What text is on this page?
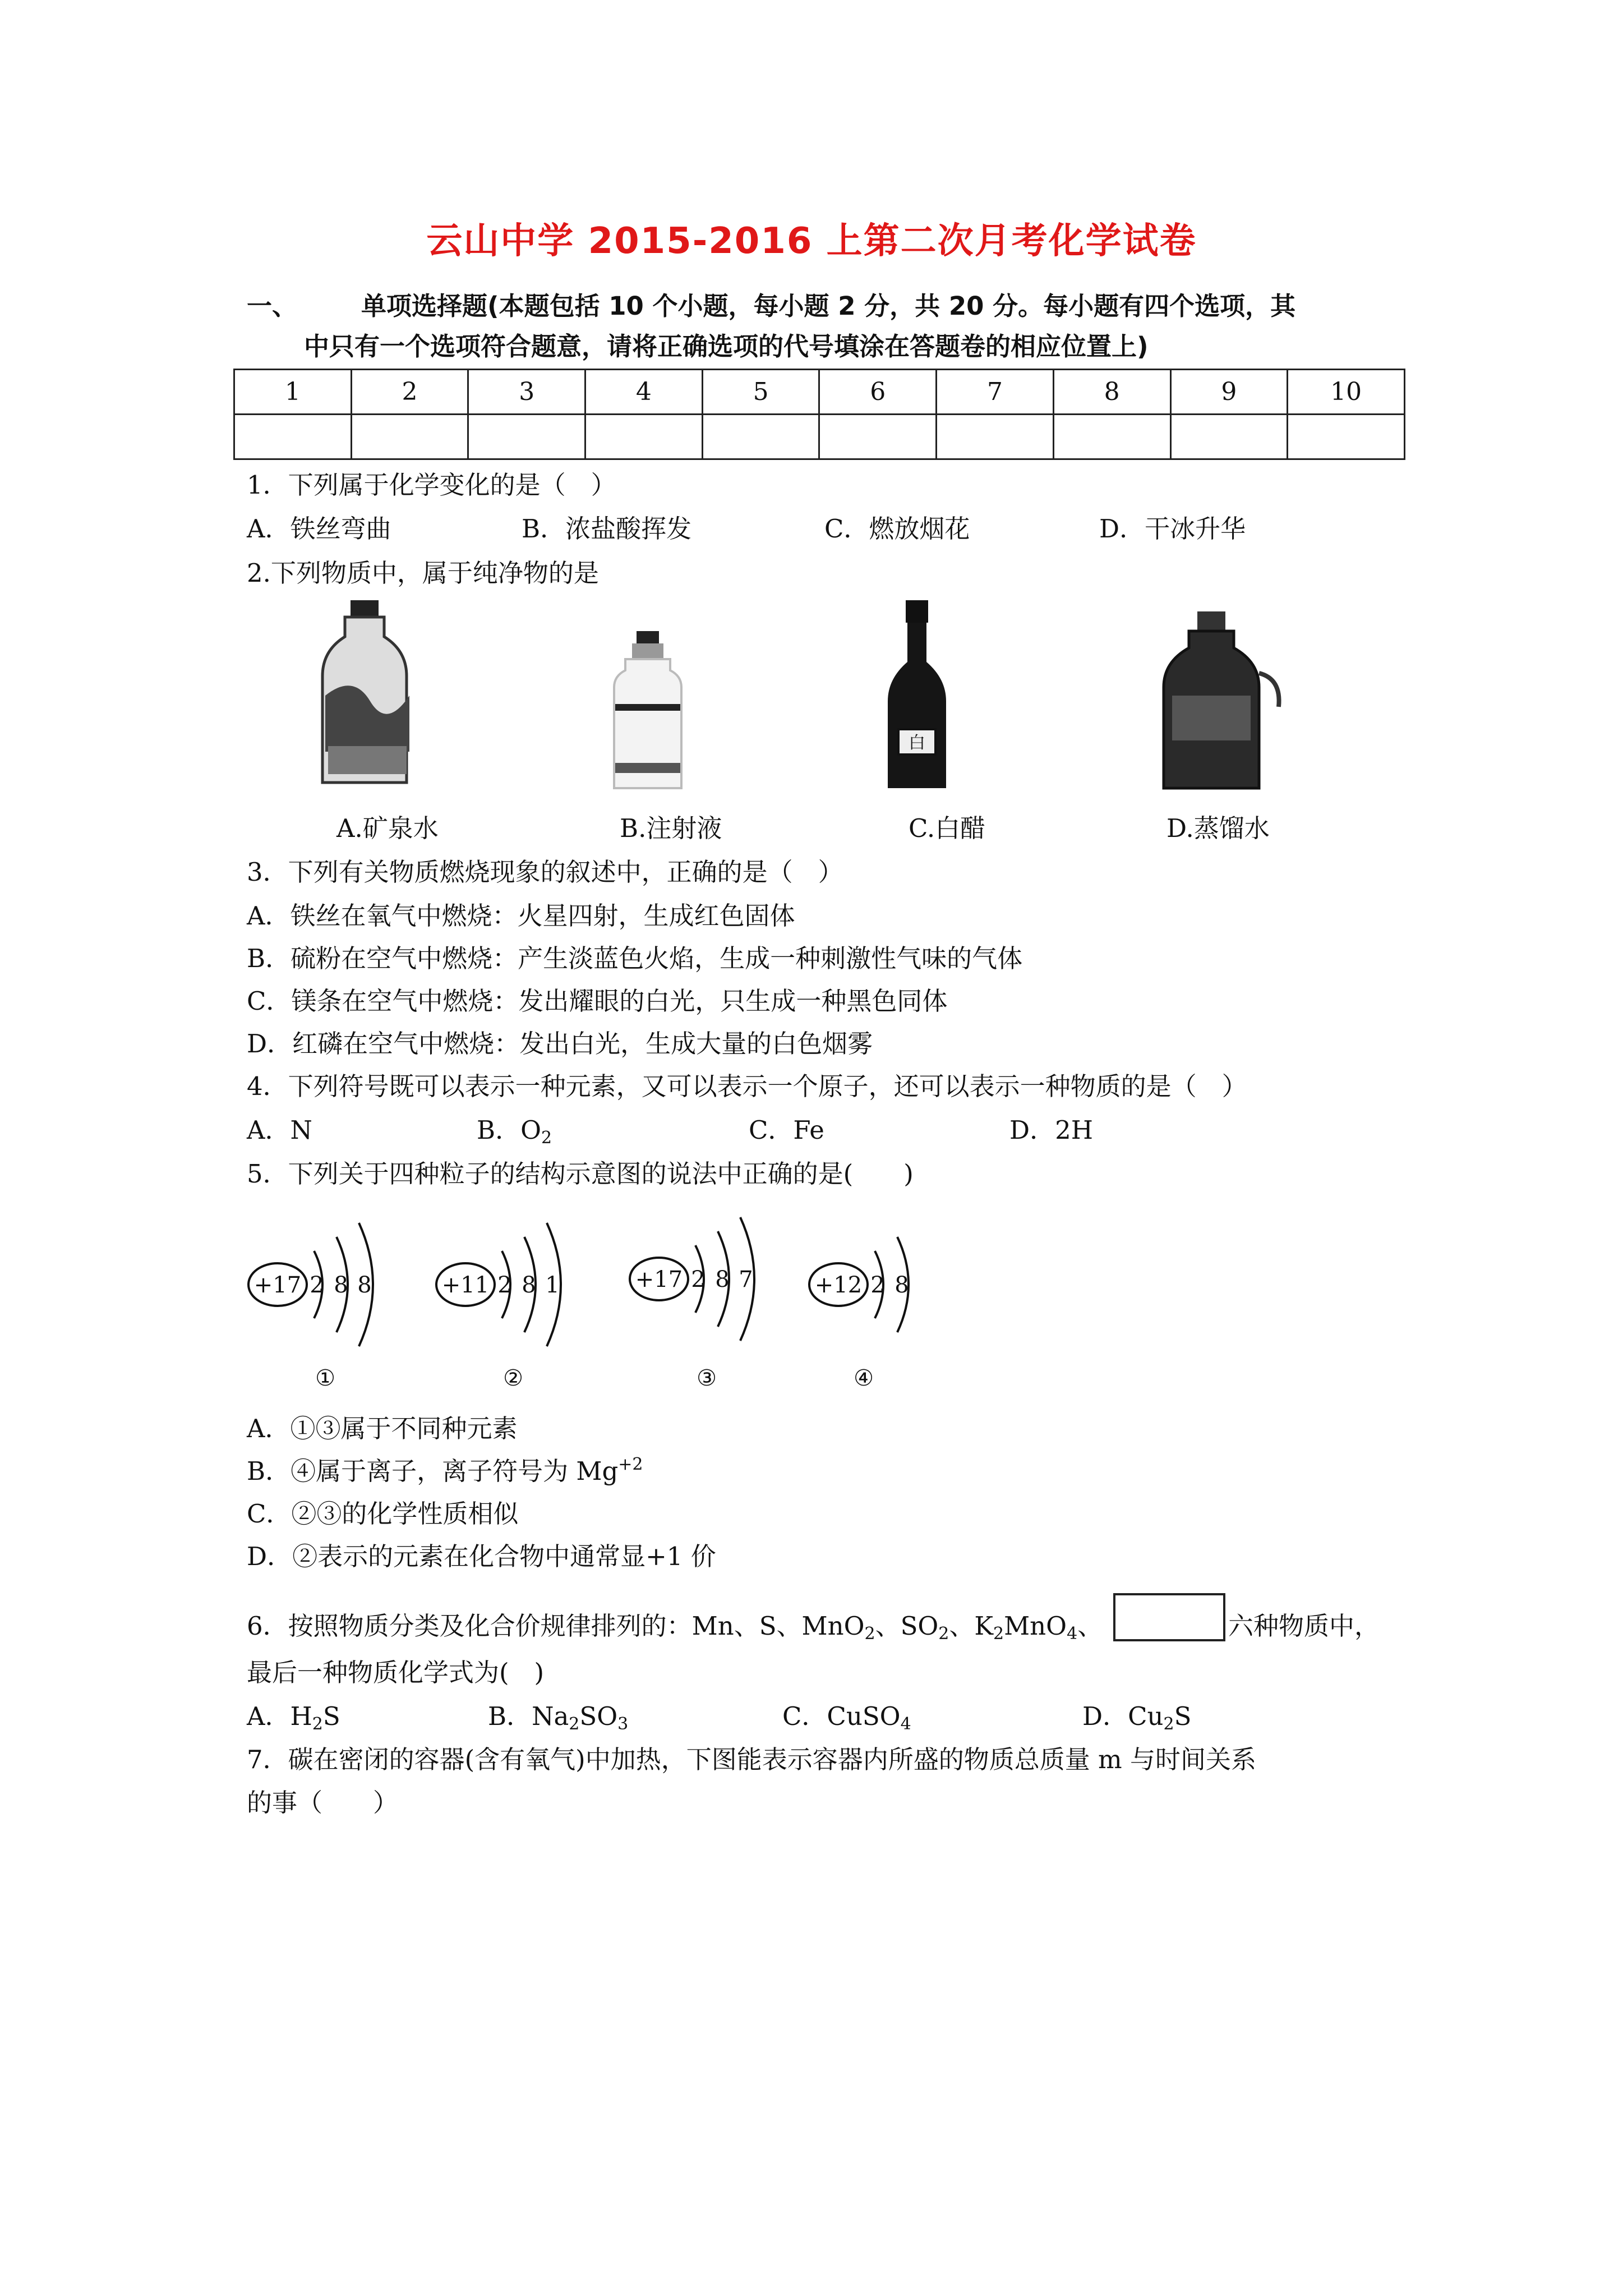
云山中学 2015-2016 上第二次月考化学试卷
一、	单项选择题(本题包括 10 个小题，每小题 2 分，共 20 分。每小题有四个选项，其
中只有一个选项符合题意，请将正确选项的代号填涂在答题卷的相应位置上)
1	2	3	4	5	6	7	8	9	10

1．下列属于化学变化的是（　）
A．铁丝弯曲	B．浓盐酸挥发	C．燃放烟花	D．干冰升华
2.下列物质中，属于纯净物的是
白
A.矿泉水	B.注射液	C.白醋	D.蒸馏水
3．下列有关物质燃烧现象的叙述中，正确的是（　）
A．铁丝在氧气中燃烧：火星四射，生成红色固体
B．硫粉在空气中燃烧：产生淡蓝色火焰，生成一种刺激性气味的气体
C．镁条在空气中燃烧：发出耀眼的白光，只生成一种黑色同体
D．红磷在空气中燃烧：发出白光，生成大量的白色烟雾
4．下列符号既可以表示一种元素，又可以表示一个原子，还可以表示一种物质的是（　）
A．N	B．$O_2$	C．Fe	D．2H
5．下列关于四种粒子的结构示意图的说法中正确的是(　　)
+17 2 8 8
①
+11 2 8 1
②
+17 2 8 7
③
+12 2 8
④
A．①③属于不同种元素
B．④属于离子，离子符号为 $Mg^{+2}$
C．②③的化学性质相似
D．②表示的元素在化合物中通常显+1 价
6．按照物质分类及化合价规律排列的：Mn、S、MnO$_2$、$SO_2$、$K_2MnO_4$、	六种物质中，
最后一种物质化学式为(　)
A．$H_2S$	B．$Na_2SO_3$	C．CuSO$_4$	D．$Cu_2S$
7．碳在密闭的容器(含有氧气)中加热，下图能表示容器内所盛的物质总质量 m 与时间关系
的事（　　）
